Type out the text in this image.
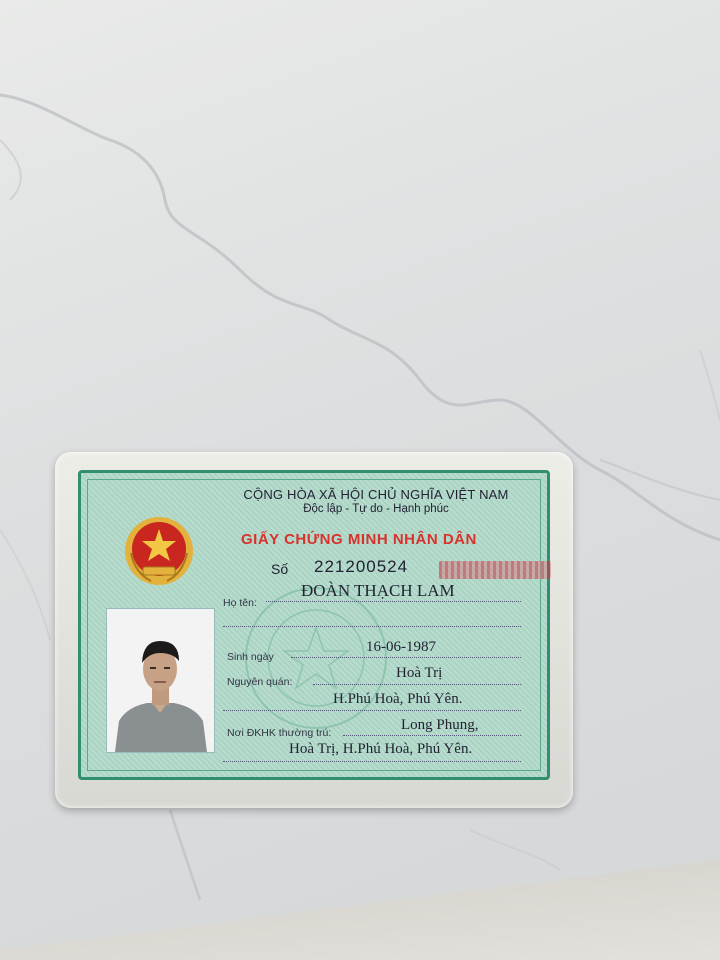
CỘNG HÒA XÃ HỘI CHỦ NGHĨA VIỆT NAM
Độc lập - Tự do - Hạnh phúc
GIẤY CHỨNG MINH NHÂN DÂN
Số 221200524
Họ tên:
ĐOÀN THẠCH LAM
Sinh ngày
16-06-1987
Nguyên quán:
Hoà Trị
H.Phú Hoà, Phú Yên.
Nơi ĐKHK thường trú:	Long Phụng,
Hoà Trị, H.Phú Hoà, Phú Yên.
